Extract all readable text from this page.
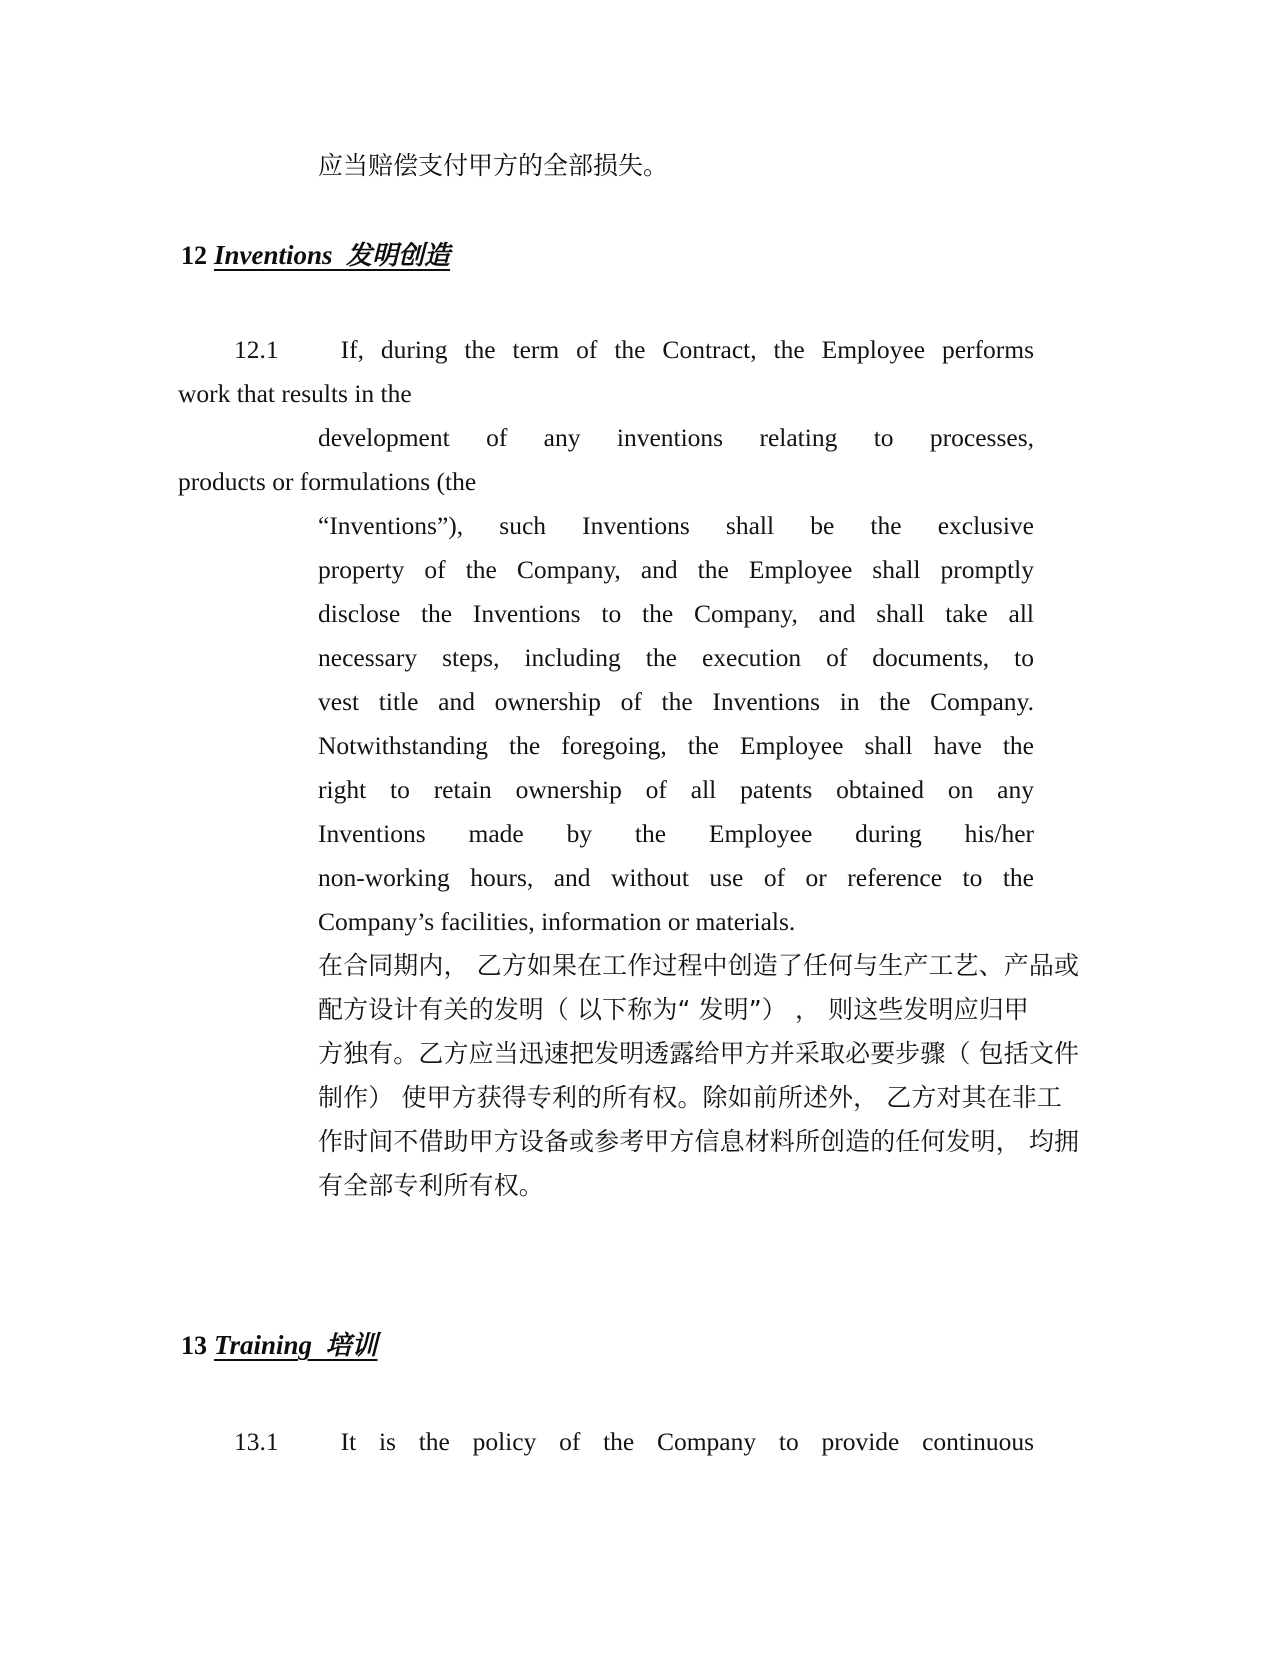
应当赔偿支付甲方的全部损失。
12 Inventions 发明创造
12.1 If, during the term of the Contract, the Employee performs
work that results in the
development of any inventions relating to processes,
products or formulations (the
“Inventions”), such Inventions shall be the exclusive
property of the Company, and the Employee shall promptly
disclose the Inventions to the Company, and shall take all
necessary steps, including the execution of documents, to
vest title and ownership of the Inventions in the Company.
Notwithstanding the foregoing, the Employee shall have the
right to retain ownership of all patents obtained on any
Inventions made by the Employee during his/her
non-working hours, and without use of or reference to the
Company’s facilities, information or materials.
在合同期内， 乙方如果在工作过程中创造了任何与生产工艺、产品或
配方设计有关的发明（ 以下称为“ 发明”） ， 则这些发明应归甲
方独有。乙方应当迅速把发明透露给甲方并采取必要步骤（ 包括文件
制作） 使甲方获得专利的所有权。除如前所述外， 乙方对其在非工
作时间不借助甲方设备或参考甲方信息材料所创造的任何发明， 均拥
有全部专利所有权。
13 Training 培训
13.1 It is the policy of the Company to provide continuous
